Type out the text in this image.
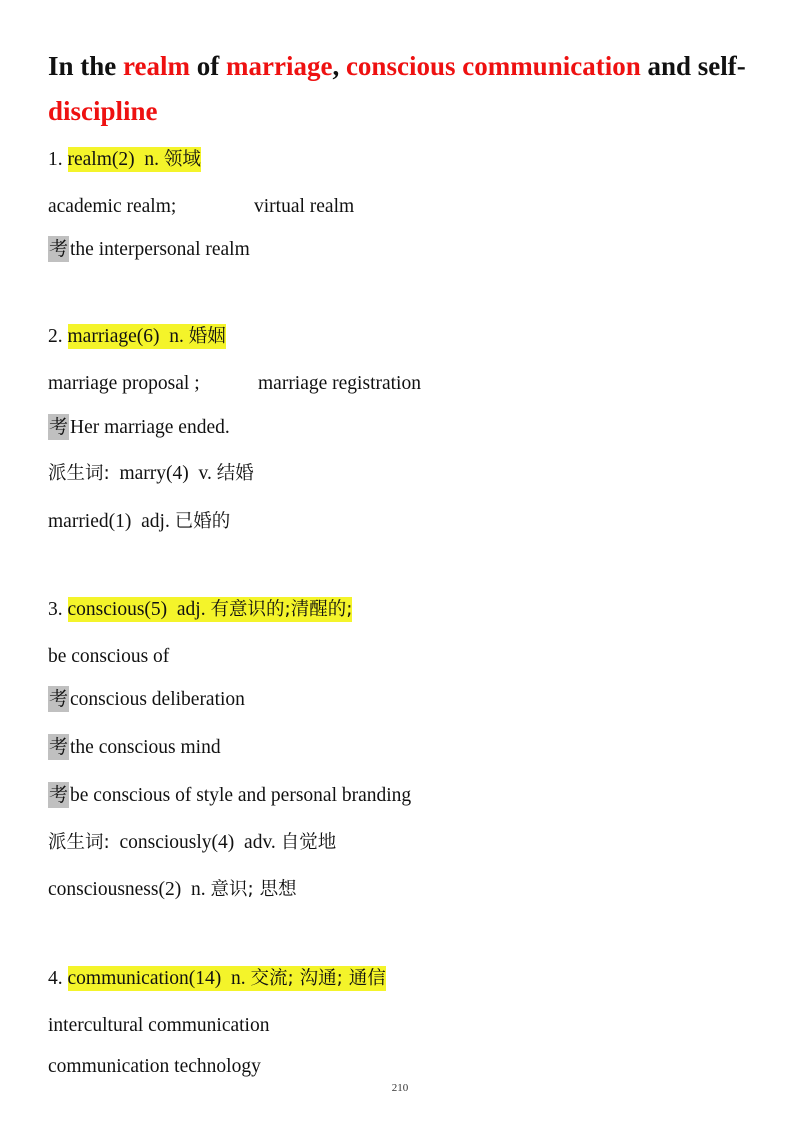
In the realm of marriage, conscious communication and self-discipline
1. realm(2)  n. 领域
academic realm;	virtual realm
考 the interpersonal realm
2. marriage(6)  n. 婚姻
marriage proposal ;	marriage registration
考 Her marriage ended.
派生词:  marry(4)  v. 结婚
married(1)  adj. 已婚的
3. conscious(5)  adj. 有意识的;清醒的;
be conscious of
考 conscious deliberation
考 the conscious mind
考 be conscious of style and personal branding
派生词:  consciously(4)  adv. 自觉地
consciousness(2)  n. 意识; 思想
4. communication(14)  n. 交流; 沟通; 通信
intercultural communication
communication technology
210
